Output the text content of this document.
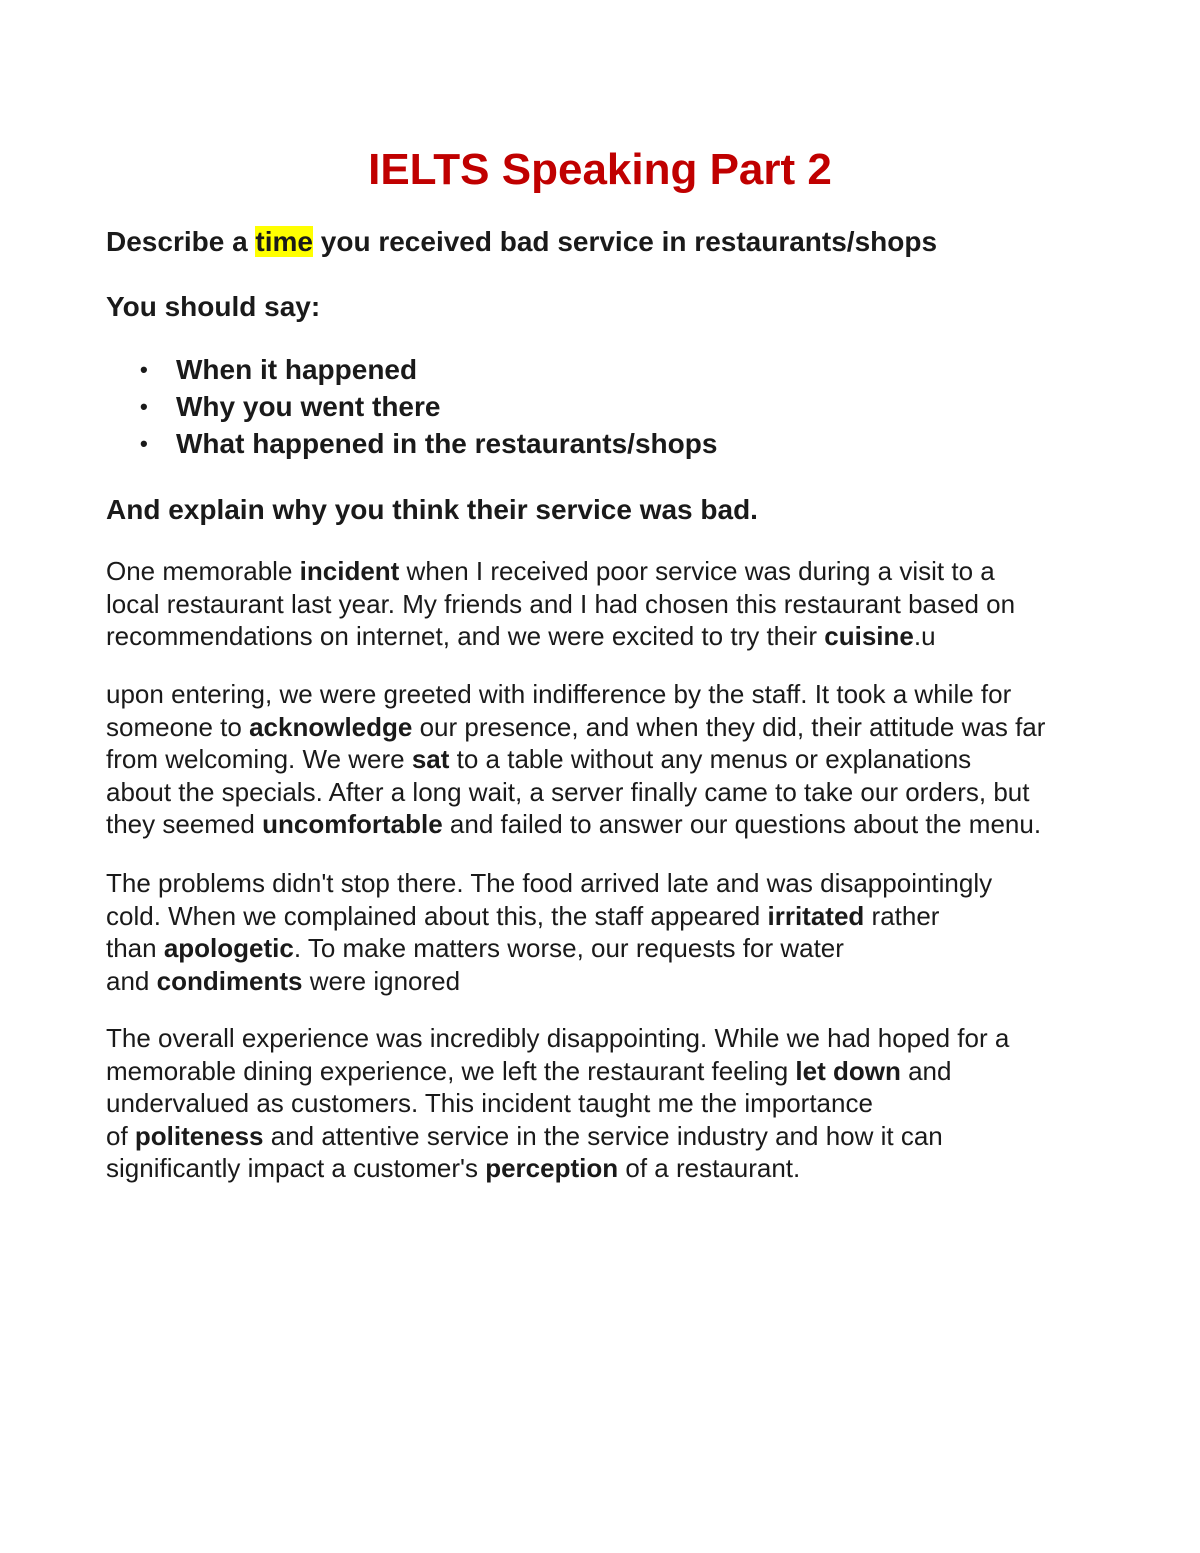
IELTS Speaking Part 2

Describe a time you received bad service in restaurants/shops

You should say:

• When it happened
• Why you went there
• What happened in the restaurants/shops

And explain why you think their service was bad.

One memorable incident when I received poor service was during a visit to a
local restaurant last year. My friends and I had chosen this restaurant based on
recommendations on internet, and we were excited to try their cuisine.u

upon entering, we were greeted with indifference by the staff. It took a while for
someone to acknowledge our presence, and when they did, their attitude was far
from welcoming. We were sat to a table without any menus or explanations
about the specials. After a long wait, a server finally came to take our orders, but
they seemed uncomfortable and failed to answer our questions about the menu.

The problems didn't stop there. The food arrived late and was disappointingly
cold. When we complained about this, the staff appeared irritated rather
than apologetic. To make matters worse, our requests for water
and condiments were ignored

The overall experience was incredibly disappointing. While we had hoped for a
memorable dining experience, we left the restaurant feeling let down and
undervalued as customers. This incident taught me the importance
of politeness and attentive service in the service industry and how it can
significantly impact a customer's perception of a restaurant.
